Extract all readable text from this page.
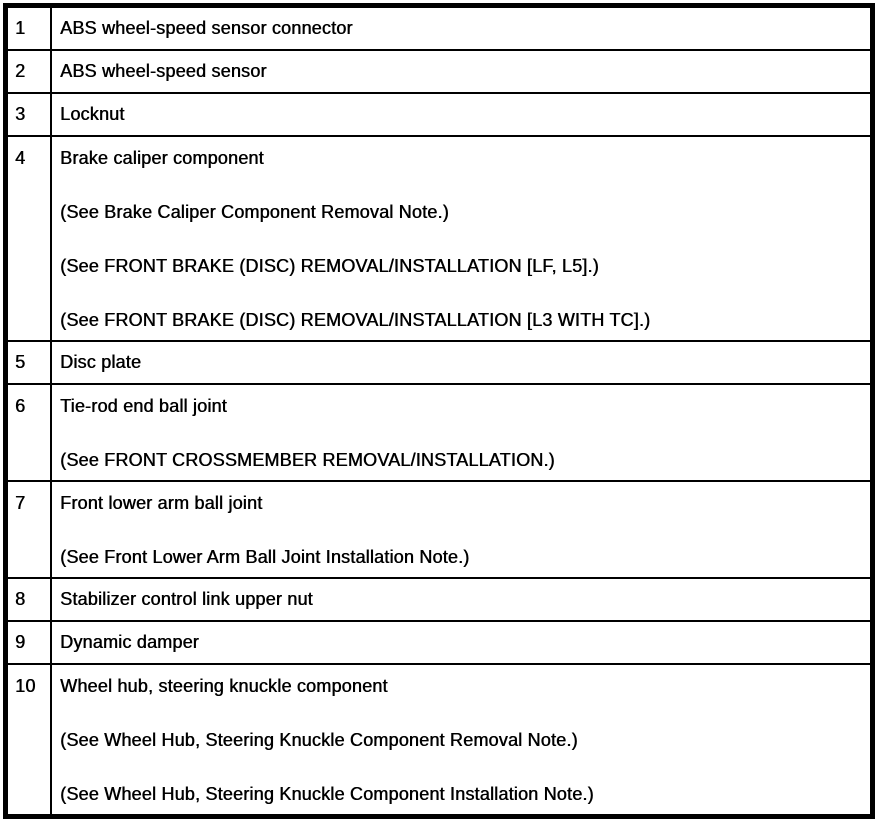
1	ABS wheel-speed sensor connector

2	ABS wheel-speed sensor

3	Locknut

4	Brake caliper component
(See Brake Caliper Component Removal Note.)
(See FRONT BRAKE (DISC) REMOVAL/INSTALLATION [LF, L5].)
(See FRONT BRAKE (DISC) REMOVAL/INSTALLATION [L3 WITH TC].)

5	Disc plate

6	Tie-rod end ball joint
(See FRONT CROSSMEMBER REMOVAL/INSTALLATION.)

7	Front lower arm ball joint
(See Front Lower Arm Ball Joint Installation Note.)

8	Stabilizer control link upper nut

9	Dynamic damper

10	Wheel hub, steering knuckle component
(See Wheel Hub, Steering Knuckle Component Removal Note.)
(See Wheel Hub, Steering Knuckle Component Installation Note.)
